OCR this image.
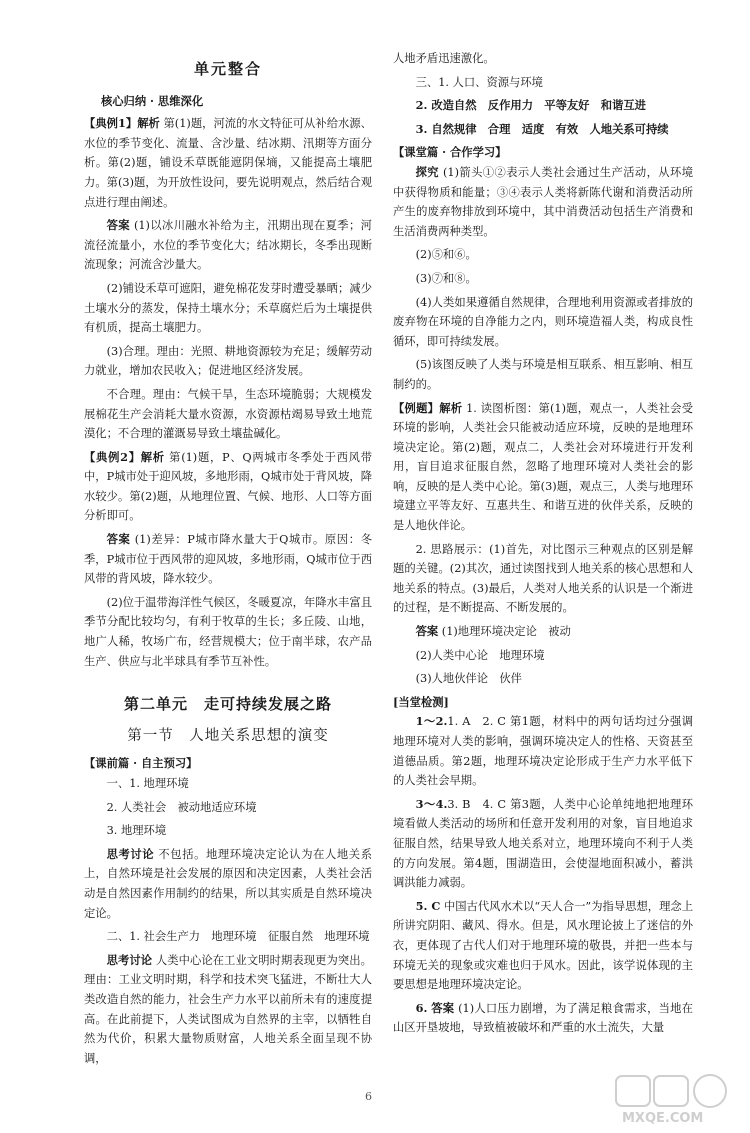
单元整合
核心归纳 · 思维深化

【典例1】解析 第(1)题，河流的水文特征可从补给水源、水位的季节变化、流量、含沙量、结冰期、汛期等方面分析。第(2)题，铺设禾草既能遮阴保墒，又能提高土壤肥力。第(3)题，为开放性设问，要先说明观点，然后结合观点进行理由阐述。

答案 (1)以冰川融水补给为主，汛期出现在夏季；河流径流量小，水位的季节变化大；结冰期长，冬季出现断流现象；河流含沙量大。

(2)铺设禾草可遮阳，避免棉花发芽时遭受暴晒；减少土壤水分的蒸发，保持土壤水分；禾草腐烂后为土壤提供有机质，提高土壤肥力。

(3)合理。理由：光照、耕地资源较为充足；缓解劳动力就业，增加农民收入；促进地区经济发展。

不合理。理由：气候干旱，生态环境脆弱；大规模发展棉花生产会消耗大量水资源，水资源枯竭易导致土地荒漠化；不合理的灌溉易导致土壤盐碱化。

【典例2】解析 第(1)题，P、Q两城市冬季处于西风带中，P城市处于迎风坡，多地形雨，Q城市处于背风坡，降水较少。第(2)题，从地理位置、气候、地形、人口等方面分析即可。

答案 (1)差异：P城市降水量大于Q城市。原因：冬季，P城市位于西风带的迎风坡，多地形雨，Q城市位于西风带的背风坡，降水较少。

(2)位于温带海洋性气候区，冬暖夏凉，年降水丰富且季节分配比较均匀，有利于牧草的生长；多丘陵、山地，地广人稀，牧场广布，经营规模大；位于南半球，农产品生产、供应与北半球具有季节互补性。

第二单元　走可持续发展之路
第一节　人地关系思想的演变
【课前篇 · 自主预习】

一、1. 地理环境

2. 人类社会　被动地适应环境

3. 地理环境

思考讨论 不包括。地理环境决定论认为在人地关系上，自然环境是社会发展的原因和决定因素，人类社会活动是自然因素作用制约的结果，所以其实质是自然环境决定论。

二、1. 社会生产力　地理环境　征服自然　地理环境

思考讨论 人类中心论在工业文明时期表现更为突出。理由：工业文明时期，科学和技术突飞猛进，不断壮大人类改造自然的能力，社会生产力水平以前所未有的速度提高。在此前提下，人类试图成为自然界的主宰，以牺牲自然为代价，积累大量物质财富，人地关系全面呈现不协调，

人地矛盾迅速激化。

三、1. 人口、资源与环境

2. 改造自然　反作用力　平等友好　和谐互进

3. 自然规律　合理　适度　有效　人地关系可持续

【课堂篇 · 合作学习】

探究 (1)箭头①②表示人类社会通过生产活动，从环境中获得物质和能量；③④表示人类将新陈代谢和消费活动所产生的废弃物排放到环境中，其中消费活动包括生产消费和生活消费两种类型。

(2)⑤和⑥。

(3)⑦和⑧。

(4)人类如果遵循自然规律，合理地利用资源或者排放的废弃物在环境的自净能力之内，则环境造福人类，构成良性循环，即可持续发展。

(5)该图反映了人类与环境是相互联系、相互影响、相互制约的。

【例题】解析 1. 读图析图：第(1)题，观点一，人类社会受环境的影响，人类社会只能被动适应环境，反映的是地理环境决定论。第(2)题，观点二，人类社会对环境进行开发利用，盲目追求征服自然，忽略了地理环境对人类社会的影响，反映的是人类中心论。第(3)题，观点三，人类与地理环境建立平等友好、互惠共生、和谐互进的伙伴关系，反映的是人地伙伴论。

2. 思路展示：(1)首先，对比图示三种观点的区别是解题的关键。(2)其次，通过读图找到人地关系的核心思想和人地关系的特点。(3)最后，人类对人地关系的认识是一个渐进的过程，是不断提高、不断发展的。

答案 (1)地理环境决定论　被动

(2)人类中心论　地理环境

(3)人地伙伴论　伙伴

[当堂检测]

1～2.1. A　2. C 第1题，材料中的两句话均过分强调地理环境对人类的影响，强调环境决定人的性格、天资甚至道德品质。第2题，地理环境决定论形成于生产力水平低下的人类社会早期。

3～4.3. B　4. C 第3题，人类中心论单纯地把地理环境看做人类活动的场所和任意开发利用的对象，盲目地追求征服自然，结果导致人地关系对立，地理环境向不利于人类的方向发展。第4题，围湖造田，会使湿地面积减小，蓄洪调洪能力减弱。

5. C 中国古代风水术以“天人合一”为指导思想，理念上所讲究阴阳、藏风、得水。但是，风水理论披上了迷信的外衣，更体现了古代人们对于地理环境的敬畏，并把一些本与环境无关的现象或灾难也归于风水。因此，该学说体现的主要思想是地理环境决定论。

6. 答案 (1)人口压力剧增，为了满足粮食需求，当地在山区开垦坡地，导致植被破坏和严重的水土流失，大量

6
MXQE.COM
